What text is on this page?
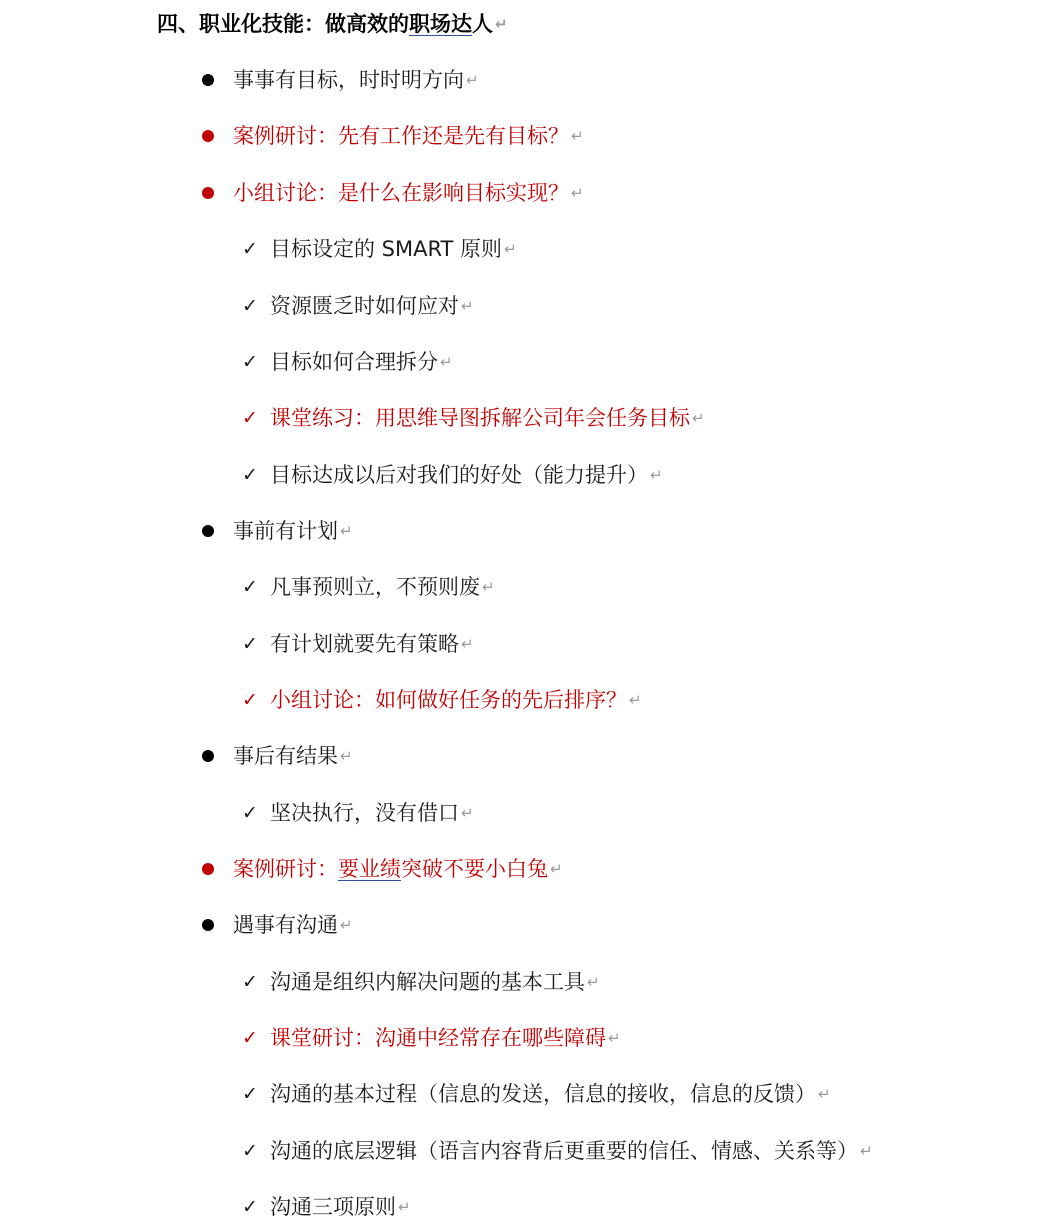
四、职业化技能：做高效的 职场达 人 ↵
事事有目标，时时明方向 ↵
案例研讨：先有工作还是先有目标？ ↵
小组讨论：是什么在影响目标实现？ ↵
✓ 目标设定的 SMART 原则 ↵
✓ 资源匮乏时如何应对 ↵
✓ 目标如何合理拆分 ↵
✓ 课堂练习：用思维导图拆解公司年会任务目标 ↵
✓ 目标达成以后对我们的好处（能力提升） ↵
事前有计划 ↵
✓ 凡事预则立，不预则废 ↵
✓ 有计划就要先有策略 ↵
✓ 小组讨论：如何做好任务的先后排序？ ↵
事后有结果 ↵
✓ 坚决执行，没有借口 ↵
案例研讨： 要业绩 突破不要小白兔 ↵
遇事有沟通 ↵
✓ 沟通是组织内解决问题的基本工具 ↵
✓ 课堂研讨：沟通中经常存在哪些障碍 ↵
✓ 沟通的基本过程（信息的发送，信息的接收，信息的反馈） ↵
✓ 沟通的底层逻辑（语言内容背后更重要的信任、情感、关系等） ↵
✓ 沟通三项原则 ↵
